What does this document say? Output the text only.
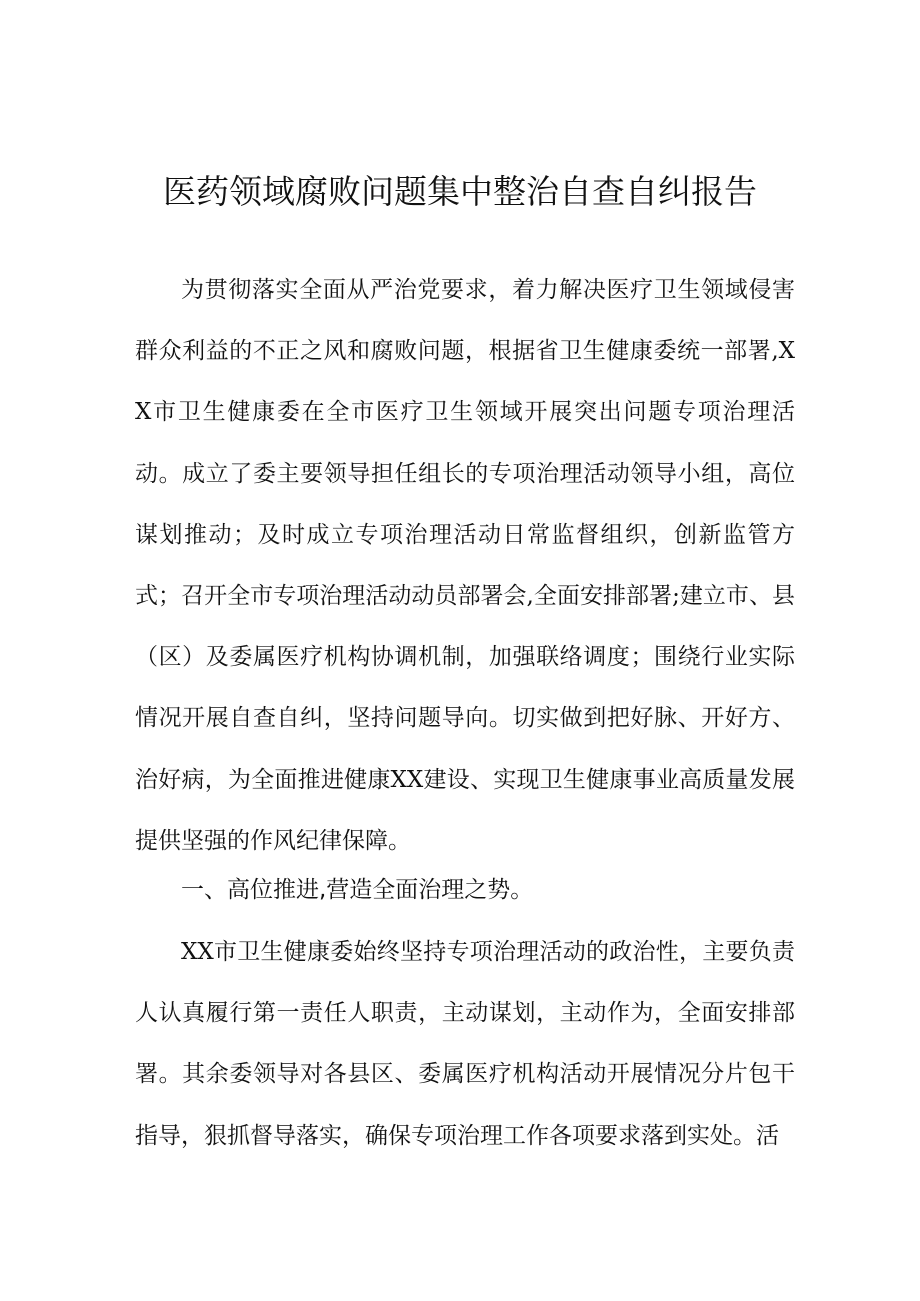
医药领域腐败问题集中整治自查自纠报告

为贯彻落实全面从严治党要求，着力解决医疗卫生领域侵害群众利益的不正之风和腐败问题，根据省卫生健康委统一部署,XX市卫生健康委在全市医疗卫生领域开展突出问题专项治理活动。成立了委主要领导担任组长的专项治理活动领导小组，高位谋划推动；及时成立专项治理活动日常监督组织，创新监管方式；召开全市专项治理活动动员部署会,全面安排部署;建立市、县（区）及委属医疗机构协调机制，加强联络调度；围绕行业实际情况开展自查自纠，坚持问题导向。切实做到把好脉、开好方、治好病，为全面推进健康XX建设、实现卫生健康事业高质量发展提供坚强的作风纪律保障。

一、高位推进,营造全面治理之势。

XX市卫生健康委始终坚持专项治理活动的政治性，主要负责人认真履行第一责任人职责，主动谋划，主动作为，全面安排部署。其余委领导对各县区、委属医疗机构活动开展情况分片包干指导，狠抓督导落实，确保专项治理工作各项要求落到实处。活
